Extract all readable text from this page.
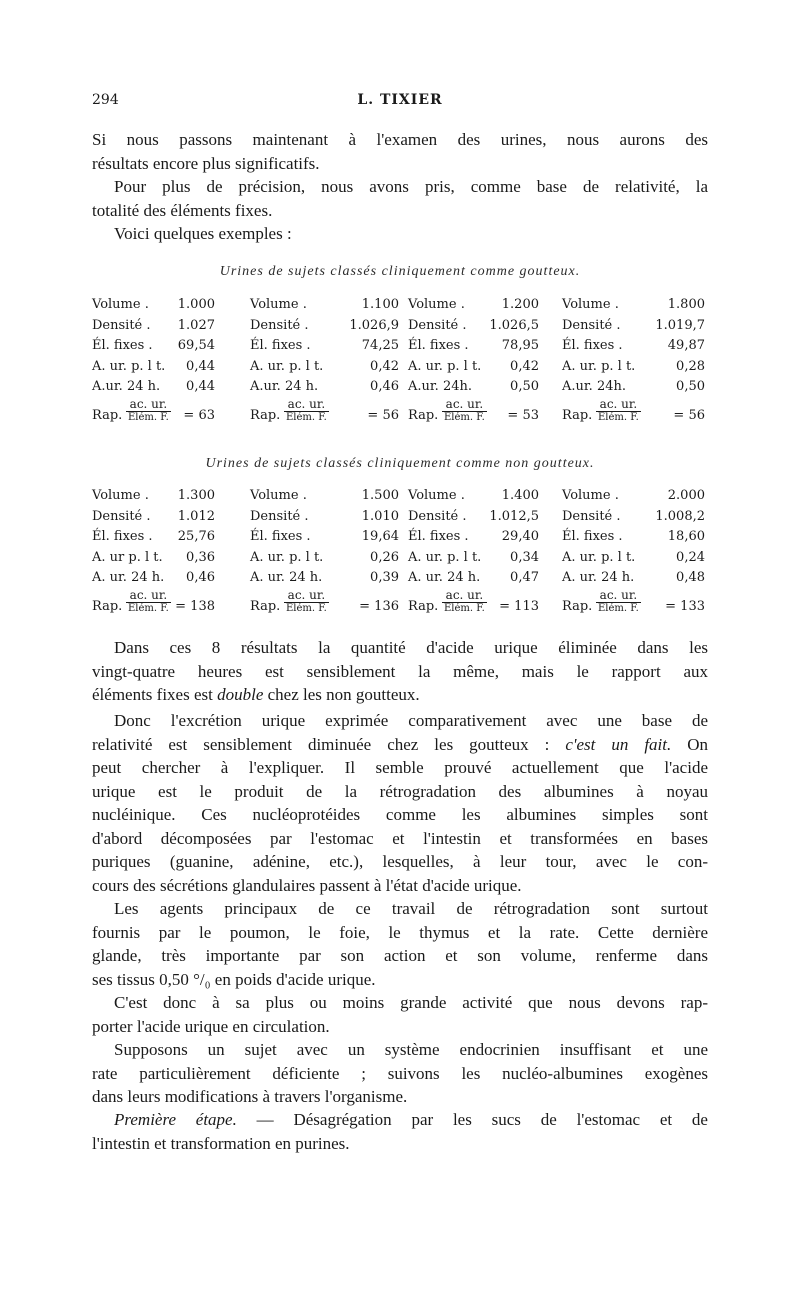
294	L. TIXIER
Si nous passons maintenant à l'examen des urines, nous aurons des
résultats encore plus significatifs.
Pour plus de précision, nous avons pris, comme base de relativité, la
totalité des éléments fixes.
Voici quelques exemples :
Urines de sujets classés cliniquement comme goutteux.
Volume . 1.000
Densité . 1.027
Él. fixes . 69,54
A. ur. p. l t. 0,44
A.ur. 24 h. 0,44
Rap.
ac. ur.
Elém. F. = 63
Volume .	1.100
Densité .	1.026,9
Él. fixes .	74,25
A. ur. p. l t.	0,42
A.ur. 24 h.	0,46
Rap.
ac. ur.
Elém. F.	= 56
Volume .	1.200
Densité . 1.026,5
Él. fixes .	78,95
A. ur. p. l t. 0,42
A.ur. 24h.	0,50
Rap.
ac. ur.
Elém. F. = 53
Volume .	1.800
Densité .	1.019,7
Él. fixes .	49,87
A. ur. p. l t.	0,28
A.ur. 24h.	0,50
Rap.
ac. ur.
Elém. F.	= 56
Urines de sujets classés cliniquement comme non goutteux.
Volume . 1.300
Densité . 1.012
Él. fixes . 25,76
A. ur p. l t. 0,36
A. ur. 24 h. 0,46
Rap.
ac. ur.
Elém. F. = 138
Volume .	1.500
Densité .	1.010
Él. fixes .	19,64
A. ur. p. l t.	0,26
A. ur. 24 h.	0,39
Rap.
ac. ur.
Elém. F. = 136
Volume .	1.400
Densité . 1.012,5
Él. fixes .	29,40
A. ur. p. l t. 0,34
A. ur. 24 h. 0,47
Rap.
ac. ur.
Elém. F. = 113
Volume .	2.000
Densité .	1.008,2
Él. fixes .	18,60
A. ur. p. l t.	0,24
A. ur. 24 h.	0,48
Rap.
ac. ur.
Elém. F. = 133
Dans ces 8 résultats la quantité d'acide urique éliminée dans les
vingt-quatre heures est sensiblement la même, mais le rapport aux
éléments fixes est double chez les non goutteux.
Donc l'excrétion urique exprimée comparativement avec une base de
relativité est sensiblement diminuée chez les goutteux : c'est un fait. On
peut chercher à l'expliquer. Il semble prouvé actuellement que l'acide
urique est le produit de la rétrogradation des albumines à noyau
nucléinique. Ces nucléoprotéides comme les albumines simples sont
d'abord décomposées par l'estomac et l'intestin et transformées en bases
puriques (guanine, adénine, etc.), lesquelles, à leur tour, avec le con-
cours des sécrétions glandulaires passent à l'état d'acide urique.
Les agents principaux de ce travail de rétrogradation sont surtout
fournis par le poumon, le foie, le thymus et la rate. Cette dernière
glande, très importante par son action et son volume, renferme dans
ses tissus 0,50 °/₀ en poids d'acide urique.
C'est donc à sa plus ou moins grande activité que nous devons rap-
porter l'acide urique en circulation.
Supposons un sujet avec un système endocrinien insuffisant et une
rate particulièrement déficiente ; suivons les nucléo-albumines exogènes
dans leurs modifications à travers l'organisme.
Première étape. — Désagrégation par les sucs de l'estomac et de
l'intestin et transformation en purines.
